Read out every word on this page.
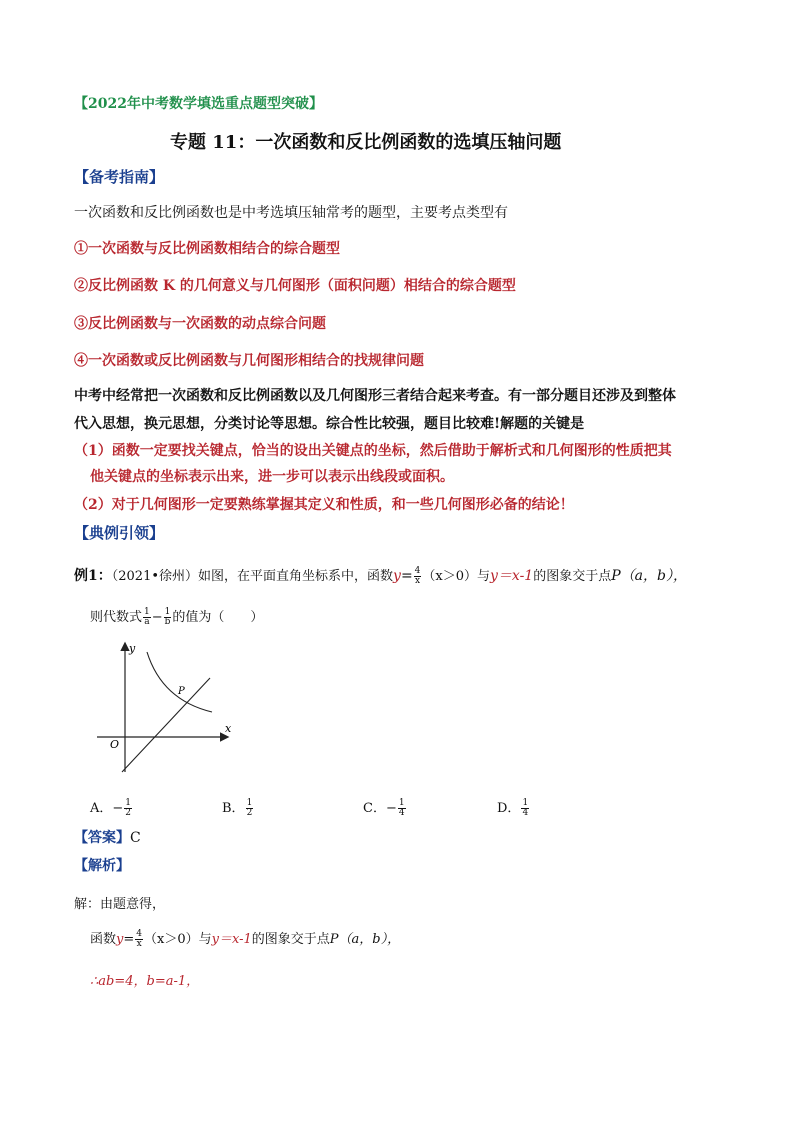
【2022年中考数学填选重点题型突破】
专题 11：一次函数和反比例函数的选填压轴问题
【备考指南】
一次函数和反比例函数也是中考选填压轴常考的题型，主要考点类型有
①一次函数与反比例函数相结合的综合题型
②反比例函数 K 的几何意义与几何图形（面积问题）相结合的综合题型
③反比例函数与一次函数的动点综合问题
④一次函数或反比例函数与几何图形相结合的找规律问题
中考中经常把一次函数和反比例函数以及几何图形三者结合起来考查。有一部分题目还涉及到整体
代入思想，换元思想，分类讨论等思想。综合性比较强，题目比较难!解题的关键是
（1）函数一定要找关键点，恰当的设出关键点的坐标，然后借助于解析式和几何图形的性质把其
他关键点的坐标表示出来，进一步可以表示出线段或面积。
（2）对于几何图形一定要熟练掌握其定义和性质，和一些几何图形必备的结论！
【典例引领】
例1：（2021•徐州）如图，在平面直角坐标系中，函数$y= \frac{4}{x} (x>0)$与y＝x-1的图象交于点P（a，b），
则代数式 $\frac{1}{a} - \frac{1}{b}$ 的值为（　　）
y
x
O
P
A．− $\frac{1}{2}$	B． $\frac{1}{2}$	C．− $\frac{1}{4}$	D． $\frac{1}{4}$
【答案】C
【解析】
解：由题意得，
函数$y= \frac{4}{x} (x>0)$与y＝x-1的图象交于点P（a，b），
∴ab=4，b=a-1，
